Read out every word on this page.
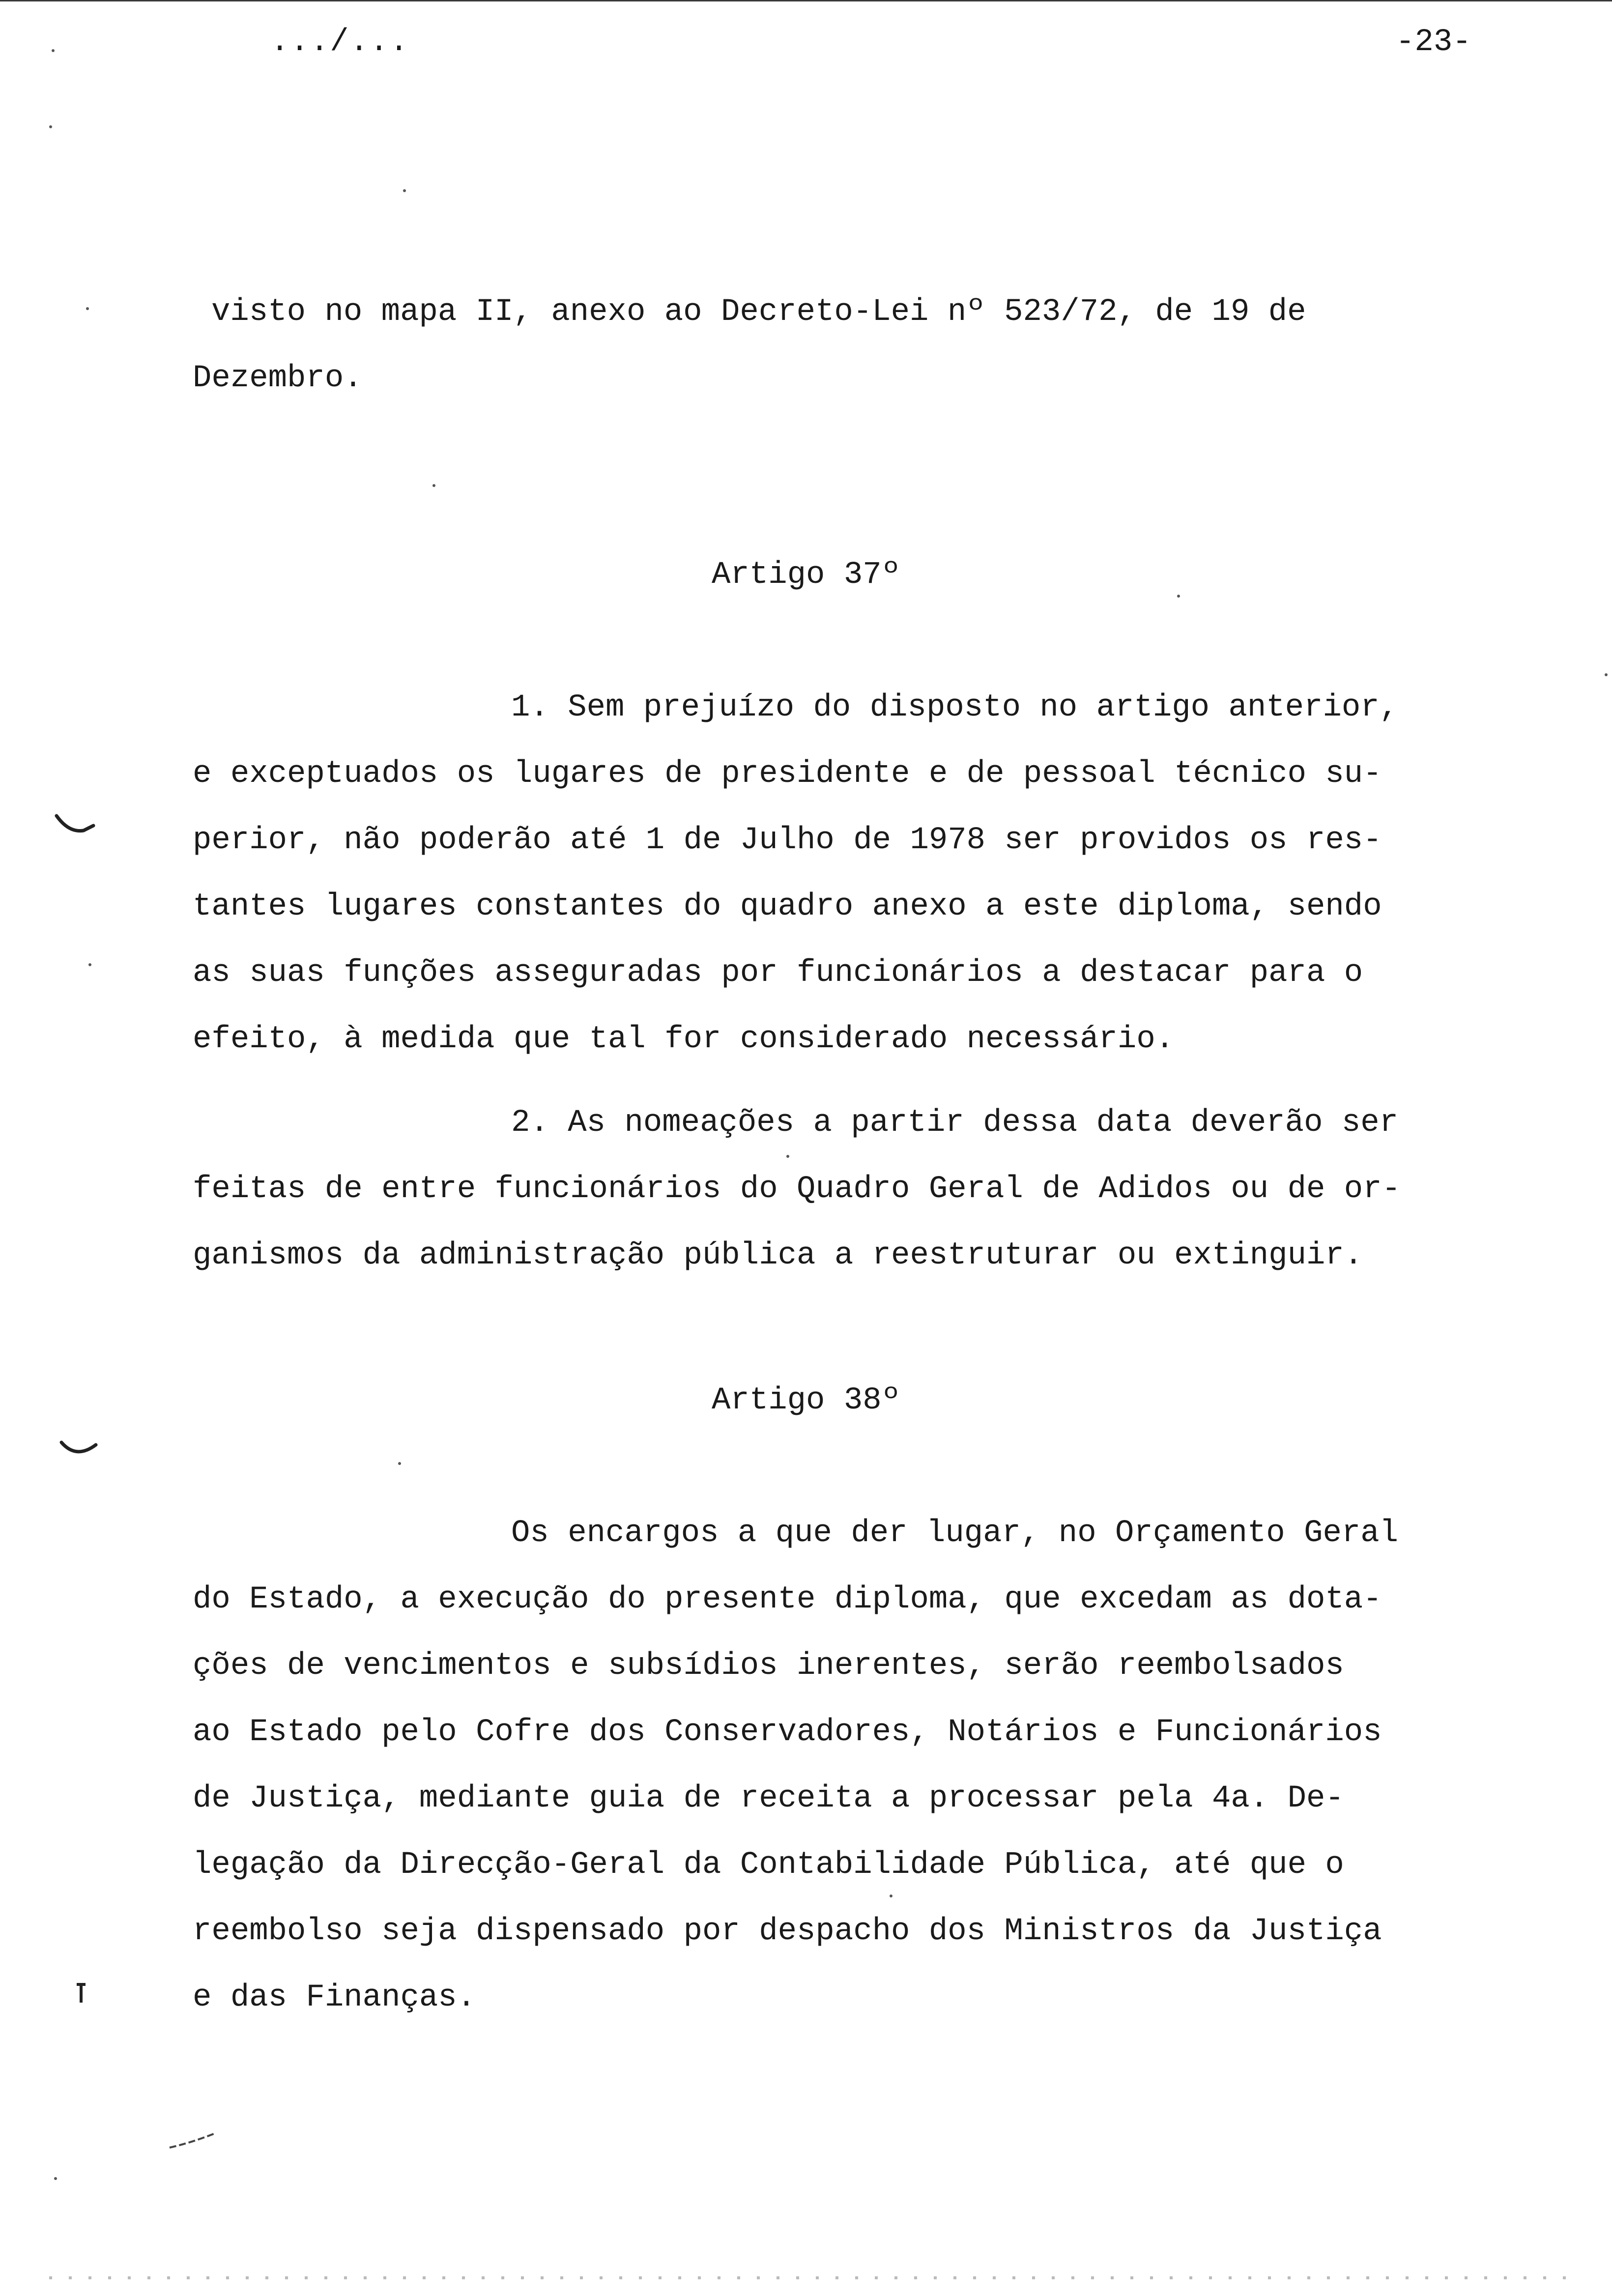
.../...	-23-
visto no mapa II, anexo ao Decreto-Lei nº 523/72, de 19 de
Dezembro.
Artigo 37º
1. Sem prejuízo do disposto no artigo anterior,
e exceptuados os lugares de presidente e de pessoal técnico su-
perior, não poderão até 1 de Julho de 1978 ser providos os res-
tantes lugares constantes do quadro anexo a este diploma, sendo
as suas funções asseguradas por funcionários a destacar para o
efeito, à medida que tal for considerado necessário.
2. As nomeações a partir dessa data deverão ser
feitas de entre funcionários do Quadro Geral de Adidos ou de or-
ganismos da administração pública a reestruturar ou extinguir.
Artigo 38º
Os encargos a que der lugar, no Orçamento Geral
do Estado, a execução do presente diploma, que excedam as dota-
ções de vencimentos e subsídios inerentes, serão reembolsados
ao Estado pelo Cofre dos Conservadores, Notários e Funcionários
de Justiça, mediante guia de receita a processar pela 4a. De-
legação da Direcção-Geral da Contabilidade Pública, até que o
reembolso seja dispensado por despacho dos Ministros da Justiça
e das Finanças.
